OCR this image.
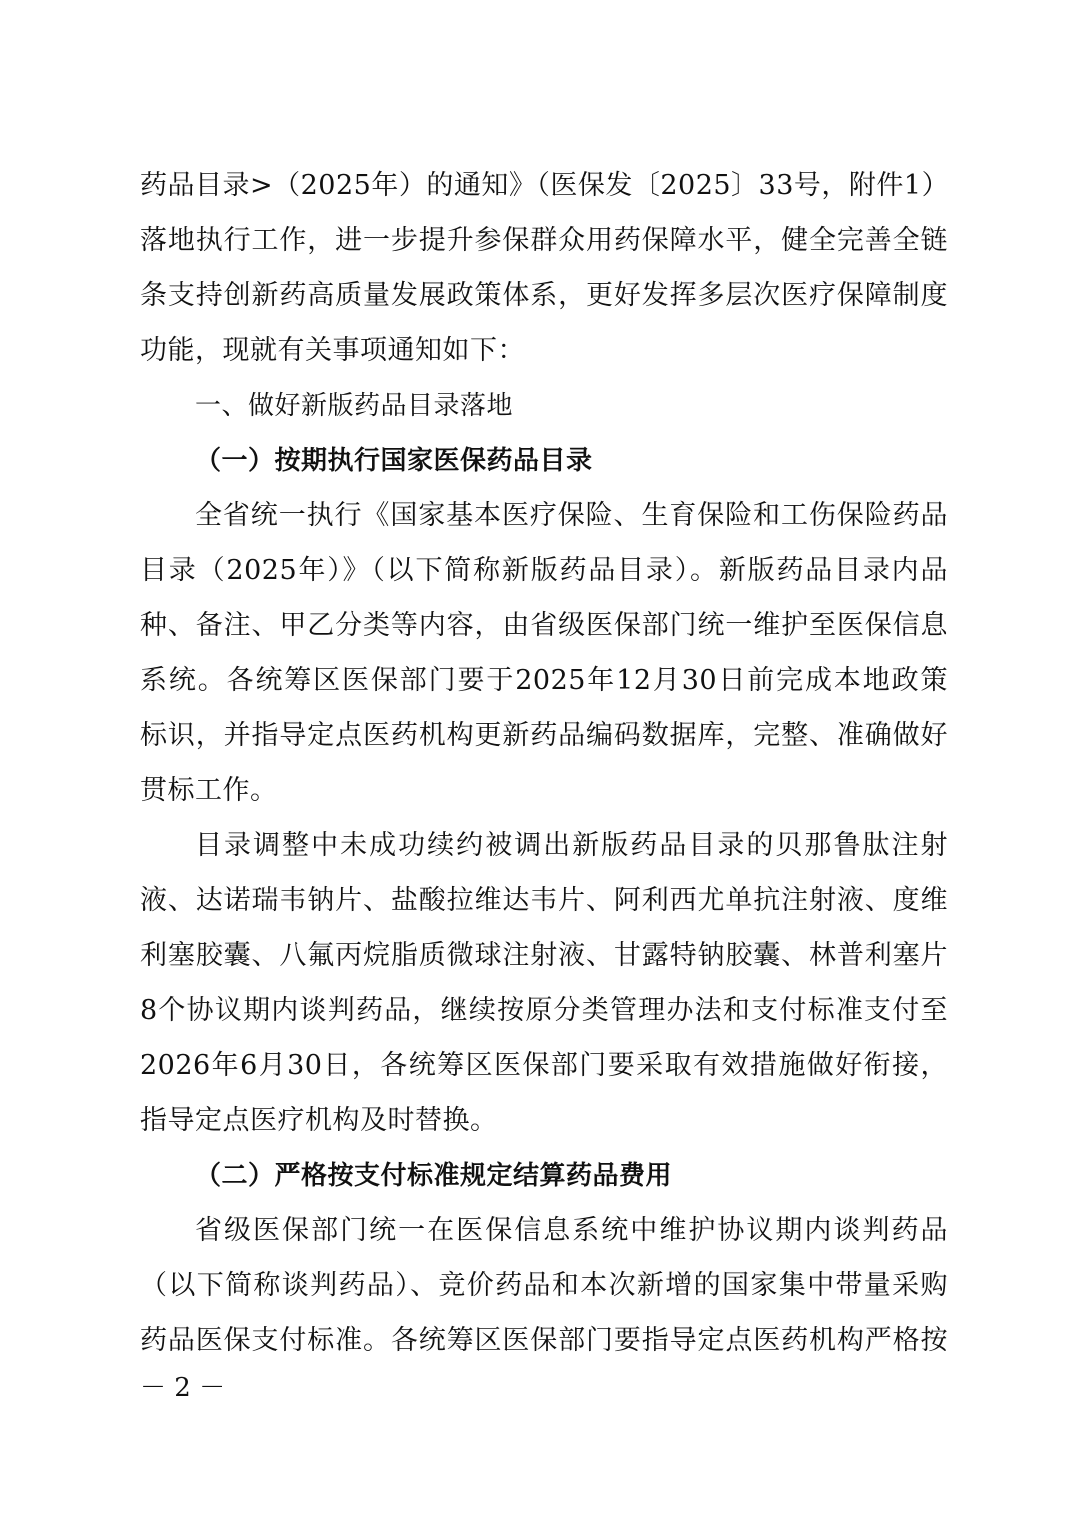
药品目录>（2025年）的通知》（医保发〔2025〕33号，附件1）
落地执行工作，进一步提升参保群众用药保障水平，健全完善全链
条支持创新药高质量发展政策体系，更好发挥多层次医疗保障制度
功能，现就有关事项通知如下：
一、做好新版药品目录落地
（一）按期执行国家医保药品目录
全省统一执行《国家基本医疗保险、生育保险和工伤保险药品
目录（2025年）》（以下简称新版药品目录）。新版药品目录内品
种、备注、甲乙分类等内容，由省级医保部门统一维护至医保信息
系统。各统筹区医保部门要于2025年12月30日前完成本地政策
标识，并指导定点医药机构更新药品编码数据库，完整、准确做好
贯标工作。
目录调整中未成功续约被调出新版药品目录的贝那鲁肽注射
液、达诺瑞韦钠片、盐酸拉维达韦片、阿利西尤单抗注射液、度维
利塞胶囊、八氟丙烷脂质微球注射液、甘露特钠胶囊、林普利塞片
8个协议期内谈判药品，继续按原分类管理办法和支付标准支付至
2026年6月30日，各统筹区医保部门要采取有效措施做好衔接，
指导定点医疗机构及时替换。
（二）严格按支付标准规定结算药品费用
省级医保部门统一在医保信息系统中维护协议期内谈判药品
（以下简称谈判药品）、竞价药品和本次新增的国家集中带量采购
药品医保支付标准。各统筹区医保部门要指导定点医药机构严格按
－ 2 －
